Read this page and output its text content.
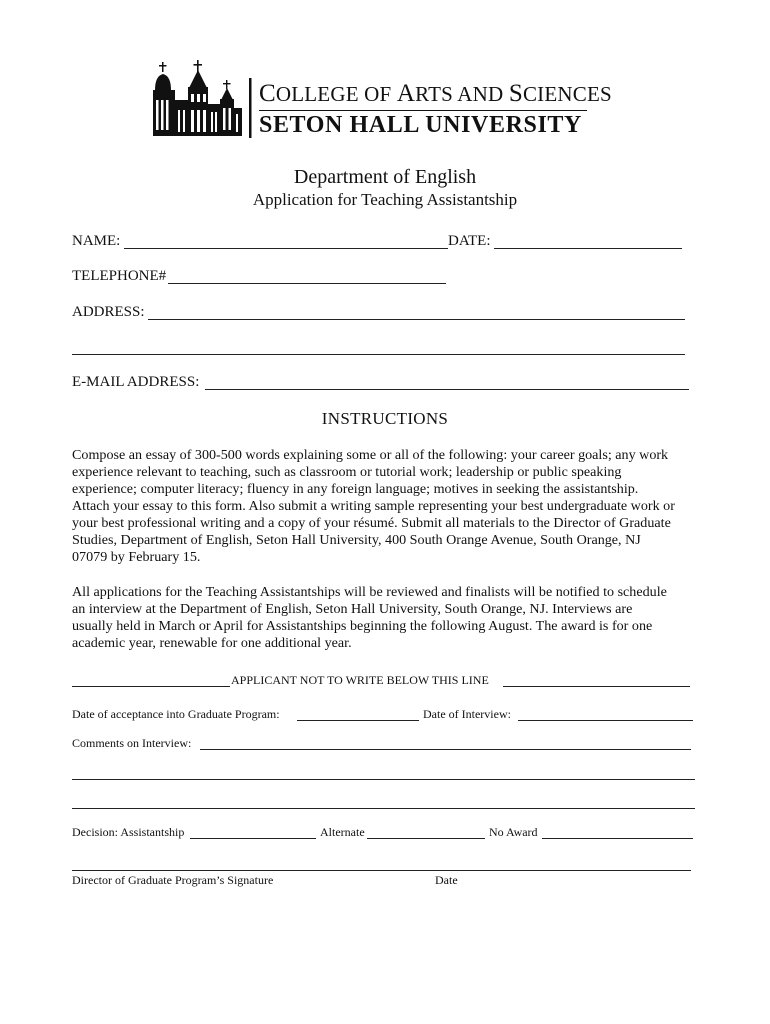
COLLEGE OF ARTS AND SCIENCES
SETON HALL UNIVERSITY
Department of English
Application for Teaching Assistantship
NAME:	DATE:
TELEPHONE#
ADDRESS:
E-MAIL ADDRESS:
INSTRUCTIONS
Compose an essay of 300-500 words explaining some or all of the following: your career goals; any work
experience relevant to teaching, such as classroom or tutorial work; leadership or public speaking
experience; computer literacy; fluency in any foreign language; motives in seeking the assistantship.
Attach your essay to this form. Also submit a writing sample representing your best undergraduate work or
your best professional writing and a copy of your résumé. Submit all materials to the Director of Graduate
Studies, Department of English, Seton Hall University, 400 South Orange Avenue, South Orange, NJ
07079 by February 15.
All applications for the Teaching Assistantships will be reviewed and finalists will be notified to schedule
an interview at the Department of English, Seton Hall University, South Orange, NJ. Interviews are
usually held in March or April for Assistantships beginning the following August. The award is for one
academic year, renewable for one additional year.
APPLICANT NOT TO WRITE BELOW THIS LINE
Date of acceptance into Graduate Program:	Date of Interview:
Comments on Interview:
Decision: Assistantship	Alternate	No Award
Director of Graduate Program’s Signature	Date
